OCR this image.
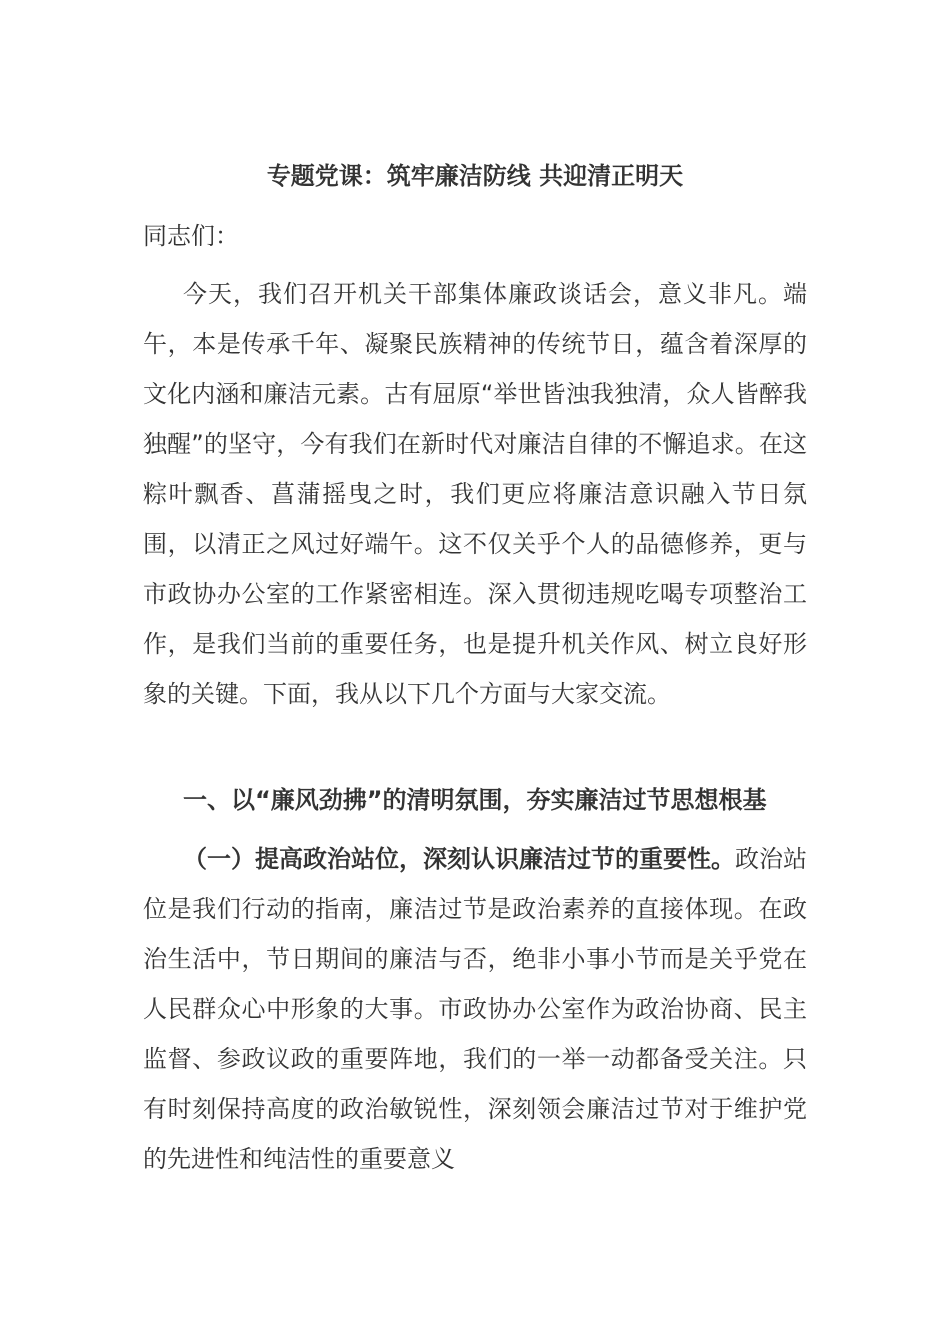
专题党课：筑牢廉洁防线 共迎清正明天

同志们：

今天，我们召开机关干部集体廉政谈话会，意义非凡。端午，本是传承千年、凝聚民族精神的传统节日，蕴含着深厚的文化内涵和廉洁元素。古有屈原“举世皆浊我独清，众人皆醉我独醒”的坚守，今有我们在新时代对廉洁自律的不懈追求。在这粽叶飘香、菖蒲摇曳之时，我们更应将廉洁意识融入节日氛围，以清正之风过好端午。这不仅关乎个人的品德修养，更与市政协办公室的工作紧密相连。深入贯彻违规吃喝专项整治工作，是我们当前的重要任务，也是提升机关作风、树立良好形象的关键。下面，我从以下几个方面与大家交流。

一、以“廉风劲拂”的清明氛围，夯实廉洁过节思想根基

（一）提高政治站位，深刻认识廉洁过节的重要性。政治站位是我们行动的指南，廉洁过节是政治素养的直接体现。在政治生活中，节日期间的廉洁与否，绝非小事小节而是关乎党在人民群众心中形象的大事。市政协办公室作为政治协商、民主监督、参政议政的重要阵地，我们的一举一动都备受关注。只有时刻保持高度的政治敏锐性，深刻领会廉洁过节对于维护党的先进性和纯洁性的重要意义
